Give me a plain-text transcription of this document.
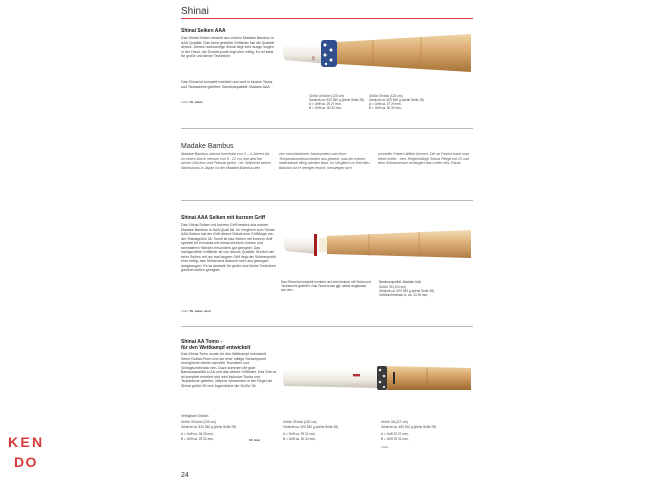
Shinai
Shinai Seiken AAA
Das Shinai Seiken besteht aus extrem Madake Bambus in AAA Qualität. Das hand gestellte Griffleder hat die Qualität deluxe. Dieses hochwertige Shinai liegt sehr ausge wogen in der Hand, der Schwerpunkt liegt eher mittig. Es ist ideal für große und kleine Techniken.
Das Shinai ist komplett montiert und wird in klusive Tsuba und Tsubadome geliefert. Bambusqualität: Madake AAA
Artikel: SS_seiken
39
Größe 39 dünn (120 cm)
Gewicht ca. 520 540 g (siehe Seite 28)
A = Griff ca. 25 27 mm,
B = Griff ca. 30 32 mm,
Größe 39 dick (120 cm)
Gewicht ca. 520 540 g (siehe Seite 28)
A = Griff ca. 27 29 mm,
B = Griff ca. 30 32 mm,
Madake Bambus
Madake Bambus wächst innerhalb von 3 – 4 Jahren bis zu einem Durch messer von 9 - 12 cm und wird bei sichen Glücken und Februar geem - let. Während seines Wachstums in Japan ist der Madake-Bambus den
vier verschiedenen Jahreszeiten und ihren Temperaturunterschieden aus gesetzt, was ihn extrem widerstands fähig werden lässt. Im Vergleich zu Keichiku-Bambus ist er weniger feucht, weswegen sich
schneller Fasern bilden können. Die se Fasern kann man leicht entfer - nen. Regelmäßige Shinai Pflege mit Öl und dem Shinaimesser verlängert das Leben des Shinai
Shinai AAA Seiken mit kurzem Griff
Das Shinai Seiken mit kurzem Griff besteht aus extrem Madake Bambus in AAA Quali tät. Im Vergleich zum Shinai AAA Seiken hat der Griff dieses Shinai eine Grifflänge von der Shinaigröße 38. Somit ist das Seiken mit kurzem Griff speziell für Kendoka mit etwas kürzeren Armen und schmaleren Händen besonders gut geeignet. Das handgenähte Griffleder ist von deluxe Qualität. Ähnlich wie beim Seiken mit nor mal langem Griff liegt der Schwerpunkt eher mittig, das Shinai sind dadurch sehr aus gewogen ausgewogen. Es ist deshalb für große und kleine Techniken gleichermaßen geeignet.
Artikel: SS_seiken_short
Das Shinai ist komplett montiert und wird inklusiv mit Tsuba und Tsubadome geliefert. Das Tsuba muss ggf. selbst angepasst wer den.
Bambusqualität: Madake AAA
Größe 39 (120 cm)
Gewicht ca. 520 540 g (siehe Seite 28)
Griffdurchmesser A, ca. 24 26 mm,
Shinai AA Tomo -
für den Wettkampf entwickelt
Das Shinai Tomo wurde für den Wettkampf entwickelt. Seine Dobari-Form und der eher mittige Schwerpunkt ermöglichen kleine schnelle Techniken und Schlagkombinatio nen. Dazu kommen die gute Bambusqualität in AA und das deluxe Griffleder. Das Shin ai ist komplett montiert und wird inklusive Tsuba und Tsubadome geliefert. Männer verwenden in der Regel die Shinai größe 39 und Jugendliche die Größe 38.
Verfügbare Größen:
Größe 39 dünn (120 cm)
Gewicht ca. 510 530 g (siehe Seite 28)
A = Griff ca. 26 28 mm,
B = Griff ca. 29 31 mm,	SS_tomo
Größe 39 dick (120 cm)
Gewicht ca. 520 540 g (siehe Seite 28)
A = Griff ca. 29 31 mm,
B = Griff ca. 30 32 mm,
Größe 38 (117 cm)
Gewicht ca. 490 510 g (siehe Seite 28)
A = Griff 25 27 mm,
B = Griff 29 31 mm,
Artikel:
24
K E N
D O
